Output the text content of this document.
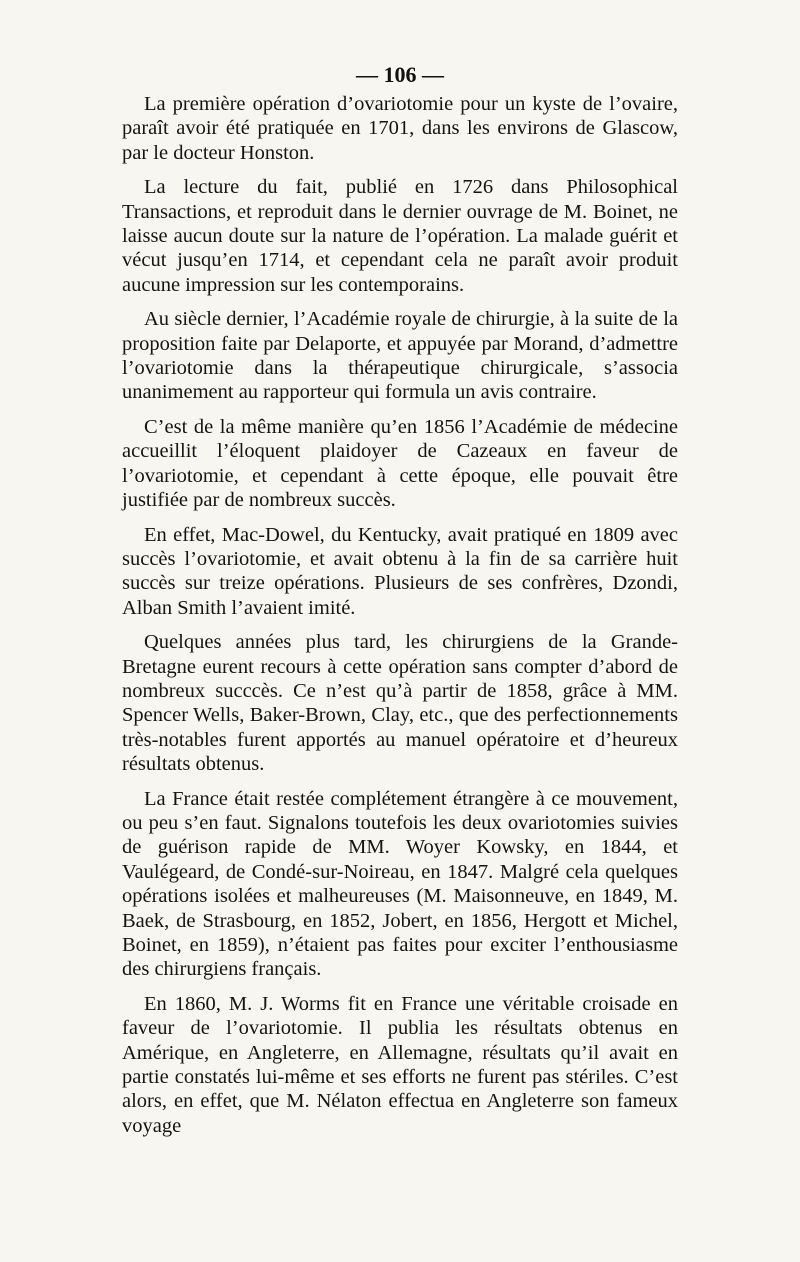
— 106 —

La première opération d’ovariotomie pour un kyste de l’ovaire, paraît avoir été pratiquée en 1701, dans les environs de Glascow, par le docteur Honston.

La lecture du fait, publié en 1726 dans Philosophical Transactions, et reproduit dans le dernier ouvrage de M. Boinet, ne laisse aucun doute sur la nature de l’opération. La malade guérit et vécut jusqu’en 1714, et cependant cela ne paraît avoir produit aucune impression sur les contemporains.

Au siècle dernier, l’Académie royale de chirurgie, à la suite de la proposition faite par Delaporte, et appuyée par Morand, d’admettre l’ovariotomie dans la thérapeutique chirurgicale, s’associa unanimement au rapporteur qui formula un avis contraire.

C’est de la même manière qu’en 1856 l’Académie de médecine accueillit l’éloquent plaidoyer de Cazeaux en faveur de l’ovariotomie, et cependant à cette époque, elle pouvait être justifiée par de nombreux succès.

En effet, Mac-Dowel, du Kentucky, avait pratiqué en 1809 avec succès l’ovariotomie, et avait obtenu à la fin de sa carrière huit succès sur treize opérations. Plusieurs de ses confrères, Dzondi, Alban Smith l’avaient imité.

Quelques années plus tard, les chirurgiens de la Grande-Bretagne eurent recours à cette opération sans compter d’abord de nombreux succcès. Ce n’est qu’à partir de 1858, grâce à MM. Spencer Wells, Baker-Brown, Clay, etc., que des perfectionnements très-notables furent apportés au manuel opératoire et d’heureux résultats obtenus.

La France était restée complétement étrangère à ce mouvement, ou peu s’en faut. Signalons toutefois les deux ovariotomies suivies de guérison rapide de MM. Woyer Kowsky, en 1844, et Vaulégeard, de Condé-sur-Noireau, en 1847. Malgré cela quelques opérations isolées et malheureuses (M. Maisonneuve, en 1849, M. Baek, de Strasbourg, en 1852, Jobert, en 1856, Hergott et Michel, Boinet, en 1859), n’étaient pas faites pour exciter l’enthousiasme des chirurgiens français.

En 1860, M. J. Worms fit en France une véritable croisade en faveur de l’ovariotomie. Il publia les résultats obtenus en Amérique, en Angleterre, en Allemagne, résultats qu’il avait en partie constatés lui-même et ses efforts ne furent pas stériles. C’est alors, en effet, que M. Nélaton effectua en Angleterre son fameux voyage
